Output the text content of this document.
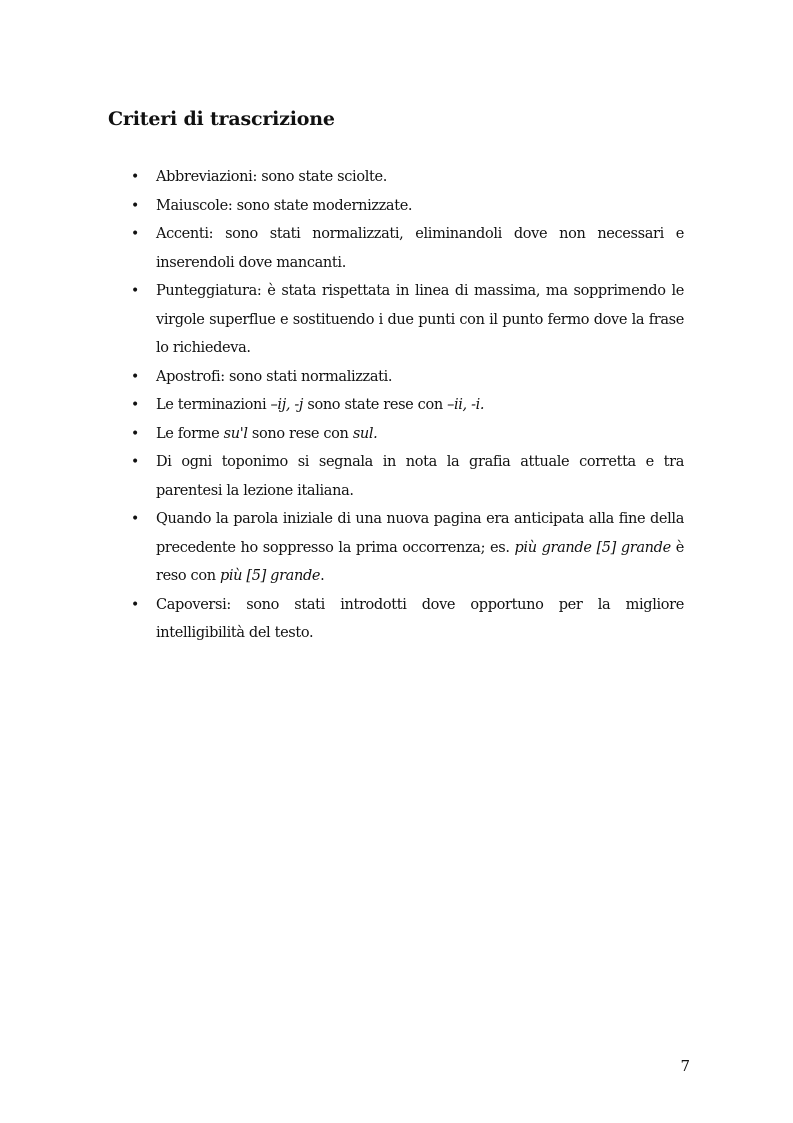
Criteri di trascrizione
• Abbreviazioni: sono state sciolte.
• Maiuscole: sono state modernizzate.
• Accenti: sono stati normalizzati, eliminandoli dove non necessari e inserendoli dove mancanti.
• Punteggiatura: è stata rispettata in linea di massima, ma sopprimendo le virgole superflue e sostituendo i due punti con il punto fermo dove la frase lo richiedeva.
• Apostrofi: sono stati normalizzati.
• Le terminazioni –ij, -j sono state rese con –ii, -i.
• Le forme su'l sono rese con sul.
• Di ogni toponimo si segnala in nota la grafia attuale corretta e tra parentesi la lezione italiana.
• Quando la parola iniziale di una nuova pagina era anticipata alla fine della precedente ho soppresso la prima occorrenza; es. più grande [5] grande è reso con più [5] grande.
• Capoversi: sono stati introdotti dove opportuno per la migliore intelligibilità del testo.
7
